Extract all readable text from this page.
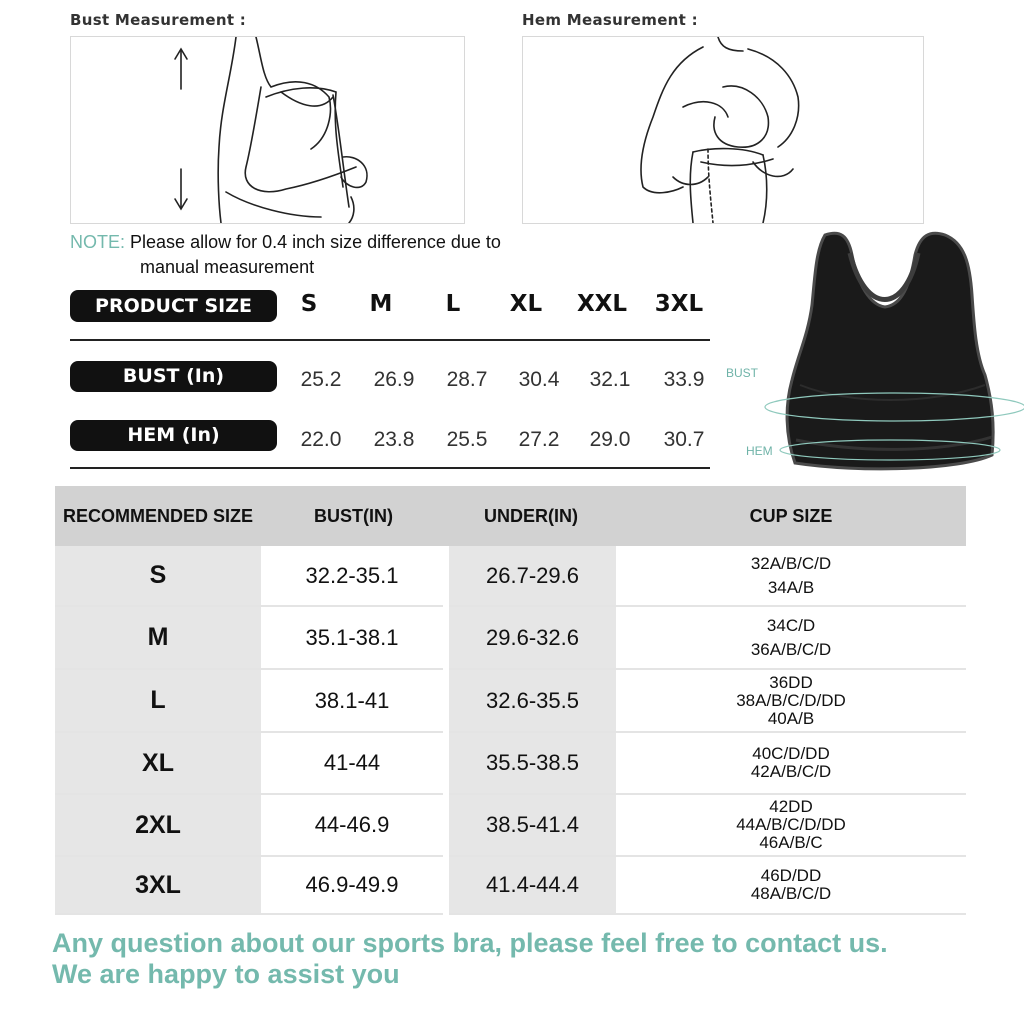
Bust Measurement :	Hem Measurement :
NOTE: Please allow for 0.4 inch size difference due to
manual measurement
PRODUCT SIZE	S	M	L	XL	XXL	3XL
BUST (In)	25.2	26.9	28.7	30.4	32.1	33.9
HEM (In)	22.0	23.8	25.5	27.2	29.0	30.7
BUST
HEM
RECOMMENDED SIZE	BUST(IN)	UNDER(IN)	CUP SIZE
S	32.2-35.1	26.7-29.6	32A/B/C/D
34A/B

M	35.1-38.1	29.6-32.6	34C/D
36A/B/C/D

L	38.1-41	32.6-35.5	36DD
38A/B/C/D/DD
40A/B

XL	41-44	35.5-38.5	40C/D/DD
42A/B/C/D

2XL	44-46.9	38.5-41.4	42DD
44A/B/C/D/DD
46A/B/C

3XL	46.9-49.9	41.4-44.4	46D/DD
48A/B/C/D
Any question about our sports bra, please feel free to contact us.
We are happy to assist you
